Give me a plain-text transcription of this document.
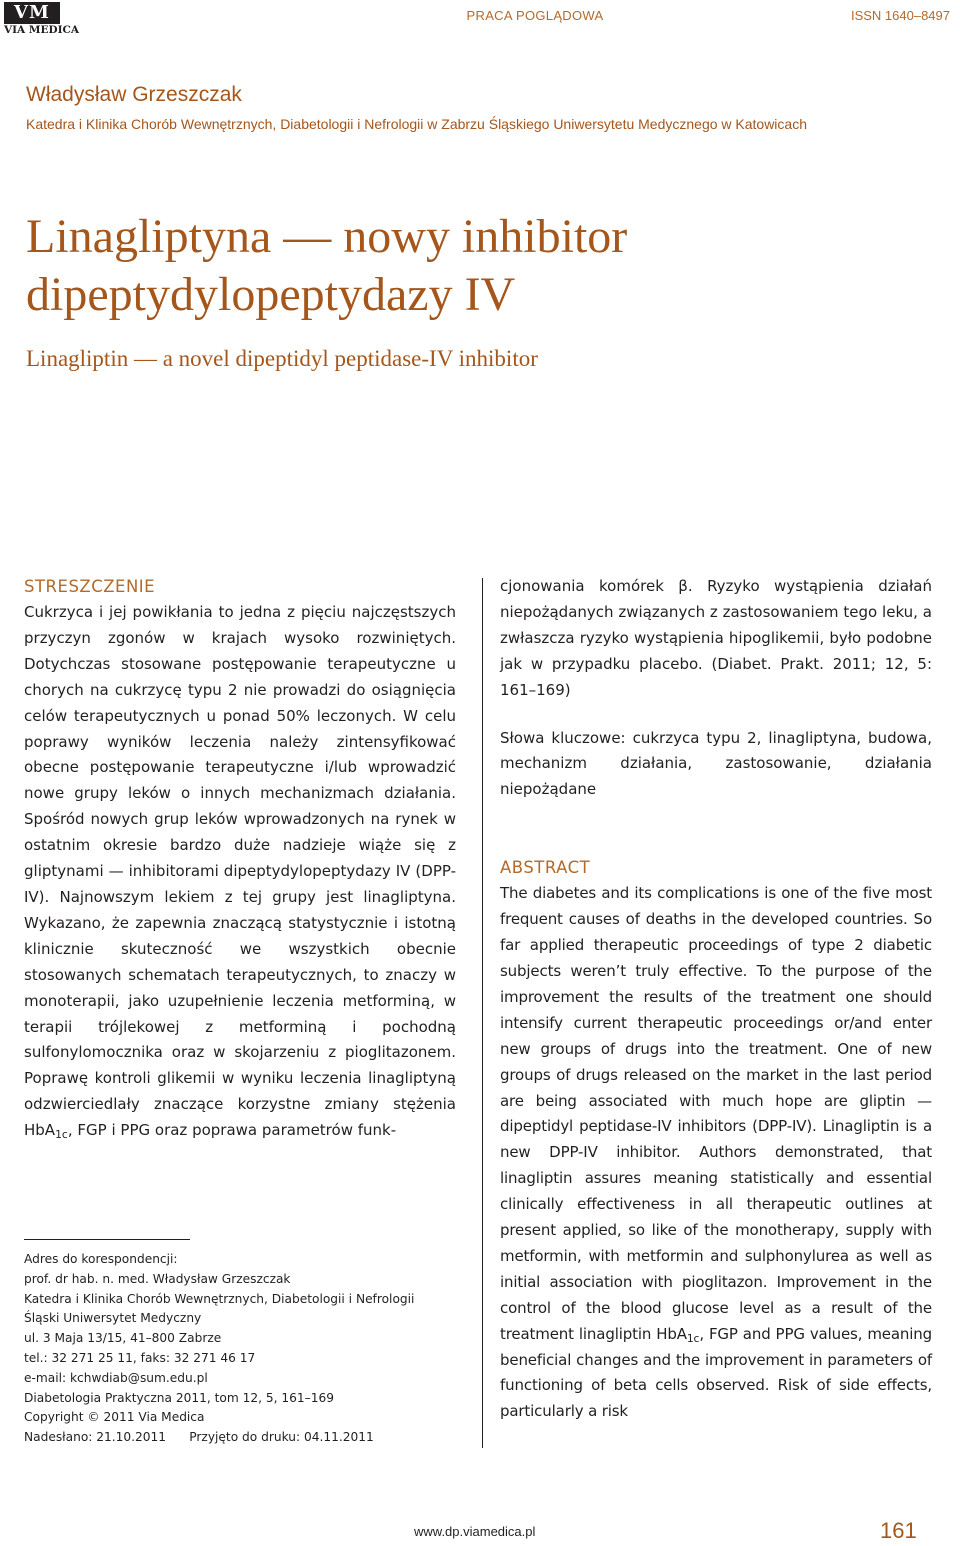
VM
VIA MEDICA
PRACA POGLĄDOWA	ISSN 1640–8497
Władysław Grzeszczak
Katedra i Klinika Chorób Wewnętrznych, Diabetologii i Nefrologii w Zabrzu Śląskiego Uniwersytetu Medycznego w Katowicach
Linagliptyna — nowy inhibitor
dipeptydylopeptydazy IV
Linagliptin — a novel dipeptidyl peptidase-IV inhibitor
STRESZCZENIE
Cukrzyca i jej powikłania to jedna z pięciu najczęstszych przyczyn zgonów w krajach wysoko rozwiniętych. Dotychczas stosowane postępowanie terapeutyczne u chorych na cukrzycę typu 2 nie prowadzi do osiągnięcia celów terapeutycznych u ponad 50% leczonych. W celu poprawy wyników leczenia należy zintensyfikować obecne postępowanie terapeutyczne i/lub wprowadzić nowe grupy leków o innych mechanizmach działania. Spośród nowych grup leków wprowadzonych na rynek w ostatnim okresie bardzo duże nadzieje wiąże się z gliptynami — inhibitorami dipeptydylopeptydazy IV (DPP-IV). Najnowszym lekiem z tej grupy jest linagliptyna. Wykazano, że zapewnia znaczącą statystycznie i istotną klinicznie skuteczność we wszystkich obecnie stosowanych schematach terapeutycznych, to znaczy w monoterapii, jako uzupełnienie leczenia metforminą, w terapii trójlekowej z metforminą i pochodną sulfonylomocznika oraz w skojarzeniu z pioglitazonem. Poprawę kontroli glikemii w wyniku leczenia linagliptyną odzwierciedlały znaczące korzystne zmiany stężenia HbA$_{1c}$, FGP i PPG oraz poprawa parametrów funk-
Adres do korespondencji:
prof. dr hab. n. med. Władysław Grzeszczak
Katedra i Klinika Chorób Wewnętrznych, Diabetologii i Nefrologii
Śląski Uniwersytet Medyczny
ul. 3 Maja 13/15, 41–800 Zabrze
tel.: 32 271 25 11, faks: 32 271 46 17
e-mail: kchwdiab@sum.edu.pl
Diabetologia Praktyczna 2011, tom 12, 5, 161–169
Copyright © 2011 Via Medica
Nadesłano: 21.10.2011      Przyjęto do druku: 04.11.2011
cjonowania komórek β. Ryzyko wystąpienia działań niepożądanych związanych z zastosowaniem tego leku, a zwłaszcza ryzyko wystąpienia hipoglikemii, było podobne jak w przypadku placebo. (Diabet. Prakt. 2011; 12, 5: 161–169)
Słowa kluczowe: cukrzyca typu 2, linagliptyna, budowa, mechanizm działania, zastosowanie, działania niepożądane
ABSTRACT
The diabetes and its complications is one of the five most frequent causes of deaths in the developed countries. So far applied therapeutic proceedings of type 2 diabetic subjects weren’t truly effective. To the purpose of the improvement the results of the treatment one should intensify current therapeutic proceedings or/and enter new groups of drugs into the treatment. One of new groups of drugs released on the market in the last period are being associated with much hope are gliptin — dipeptidyl peptidase-IV inhibitors (DPP-IV). Linagliptin is a new DPP-IV inhibitor. Authors demonstrated, that linagliptin assures meaning statistically and essential clinically effectiveness in all therapeutic outlines at present applied, so like of the monotherapy, supply with metformin, with metformin and sulphonylurea as well as initial association with pioglitazon. Improvement in the control of the blood glucose level as a result of the treatment linagliptin HbA$_{1c}$, FGP and PPG values, meaning beneficial changes and the improvement in parameters of functioning of beta cells observed. Risk of side effects, particularly a risk
www.dp.viamedica.pl	161
